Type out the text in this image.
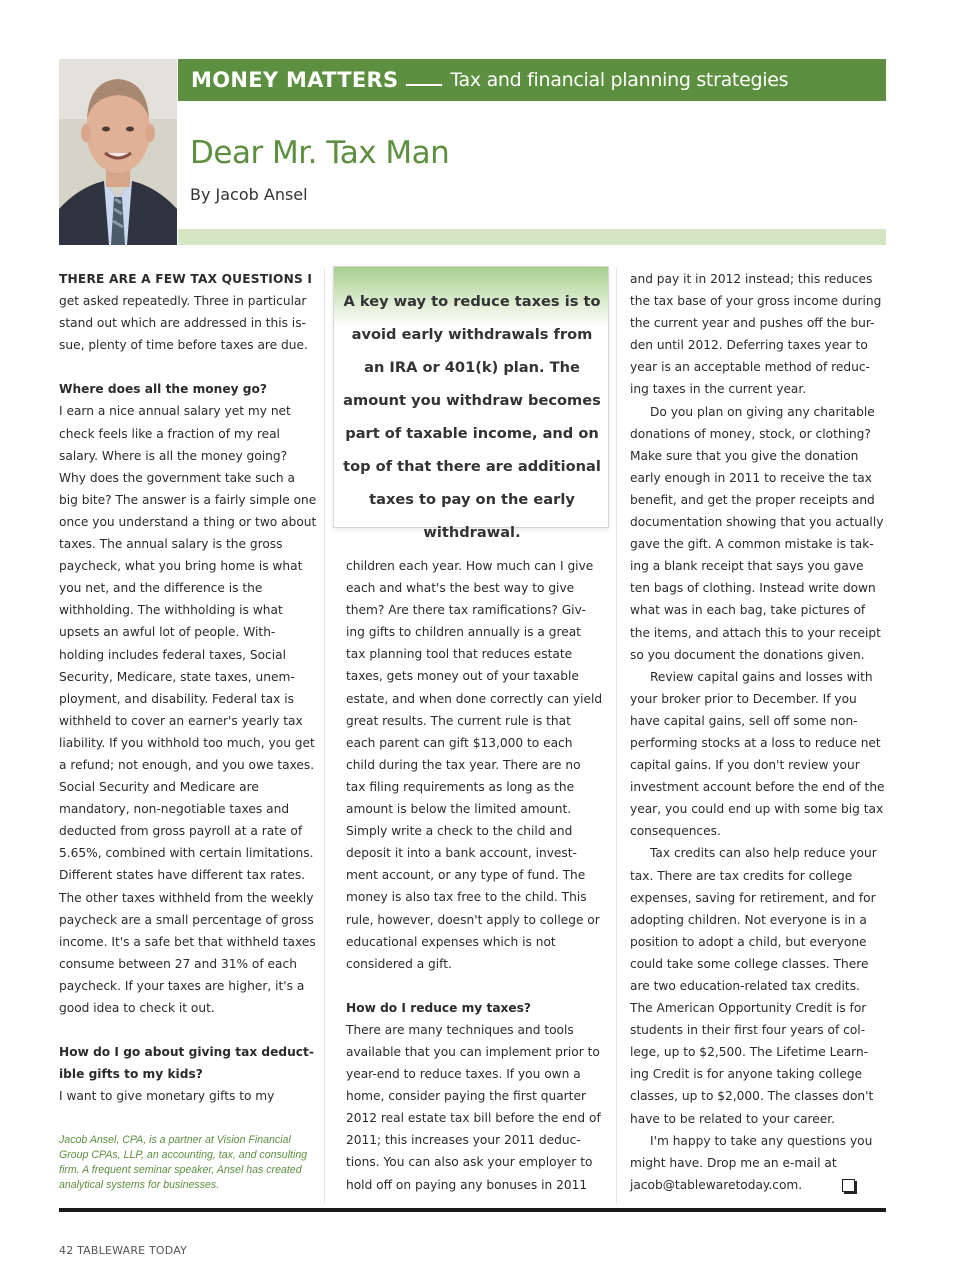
MONEY MATTERS	Tax and financial planning strategies
Dear Mr. Tax Man
By Jacob Ansel

THERE ARE A FEW TAX QUESTIONS I get asked repeatedly. Three in particular stand out which are addressed in this is-sue, plenty of time before taxes are due.

Where does all the money go?

I earn a nice annual salary yet my net check feels like a fraction of my real salary. Where is all the money going? Why does the government take such a big bite? The answer is a fairly simple one once you understand a thing or two about taxes. The annual salary is the gross paycheck, what you bring home is what you net, and the difference is the withholding. The withholding is what upsets an awful lot of people. With-holding includes federal taxes, Social Security, Medicare, state taxes, unem-ployment, and disability. Federal tax is withheld to cover an earner's yearly tax liability. If you withhold too much, you get a refund; not enough, and you owe taxes. Social Security and Medicare are mandatory, non-negotiable taxes and deducted from gross payroll at a rate of 5.65%, combined with certain limitations. Different states have different tax rates. The other taxes withheld from the weekly paycheck are a small percentage of gross income. It's a safe bet that withheld taxes consume between 27 and 31% of each paycheck. If your taxes are higher, it's a good idea to check it out.

How do I go about giving tax deduct-ible gifts to my kids?

I want to give monetary gifts to my

A key way to reduce taxes is to avoid early withdrawals from an IRA or 401(k) plan. The amount you withdraw becomes part of taxable income, and on top of that there are additional taxes to pay on the early withdrawal.
Jacob Ansel, CPA, is a partner at Vision Financial Group CPAs, LLP, an accounting, tax, and consulting firm. A frequent seminar speaker, Ansel has created analytical systems for businesses.

children each year. How much can I give each and what's the best way to give them? Are there tax ramifications? Giv-ing gifts to children annually is a great tax planning tool that reduces estate taxes, gets money out of your taxable estate, and when done correctly can yield great results. The current rule is that each parent can gift $13,000 to each child during the tax year. There are no tax filing requirements as long as the amount is below the limited amount. Simply write a check to the child and deposit it into a bank account, invest-ment account, or any type of fund. The money is also tax free to the child. This rule, however, doesn't apply to college or educational expenses which is not considered a gift.

How do I reduce my taxes?

There are many techniques and tools available that you can implement prior to year-end to reduce taxes. If you own a home, consider paying the first quarter 2012 real estate tax bill before the end of 2011; this increases your 2011 deduc-tions. You can also ask your employer to hold off on paying any bonuses in 2011

and pay it in 2012 instead; this reduces the tax base of your gross income during the current year and pushes off the bur-den until 2012. Deferring taxes year to year is an acceptable method of reduc-ing taxes in the current year.

Do you plan on giving any charitable donations of money, stock, or clothing? Make sure that you give the donation early enough in 2011 to receive the tax benefit, and get the proper receipts and documentation showing that you actually gave the gift. A common mistake is tak-ing a blank receipt that says you gave ten bags of clothing. Instead write down what was in each bag, take pictures of the items, and attach this to your receipt so you document the donations given.

Review capital gains and losses with your broker prior to December. If you have capital gains, sell off some non-performing stocks at a loss to reduce net capital gains. If you don't review your investment account before the end of the year, you could end up with some big tax consequences.

Tax credits can also help reduce your tax. There are tax credits for college expenses, saving for retirement, and for adopting children. Not everyone is in a position to adopt a child, but everyone could take some college classes. There are two education-related tax credits. The American Opportunity Credit is for students in their first four years of col-lege, up to $2,500. The Lifetime Learn-ing Credit is for anyone taking college classes, up to $2,000. The classes don't have to be related to your career.

I'm happy to take any questions you might have. Drop me an e-mail at jacob@tablewaretoday.com.

42 TABLEWARE TODAY
